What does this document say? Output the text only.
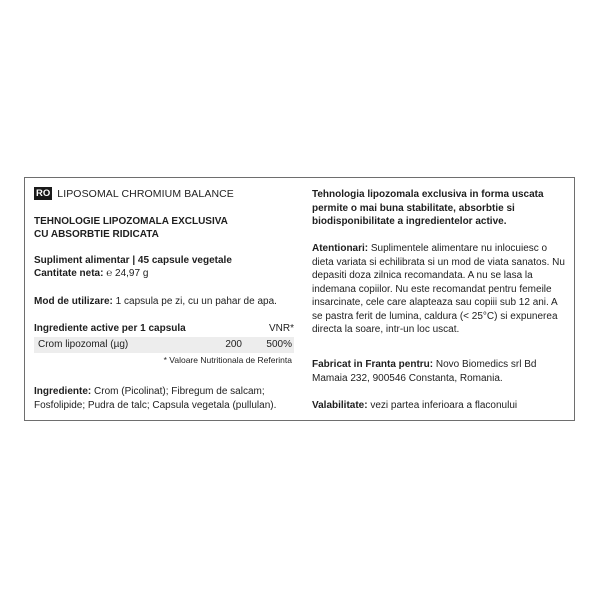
RO LIPOSOMAL CHROMIUM BALANCE
TEHNOLOGIE LIPOZOMALA EXCLUSIVA
CU ABSORBTIE RIDICATA
Supliment alimentar | 45 capsule vegetale
Cantitate neta: ℮ 24,97 g
Mod de utilizare: 1 capsula pe zi, cu un pahar de apa.
Ingrediente active per 1 capsula	VNR*
Crom lipozomal (µg)	200	500%
* Valoare Nutritionala de Referinta
Ingrediente: Crom (Picolinat); Fibregum de salcam; Fosfolipide; Pudra de talc; Capsula vegetala (pullulan).
Tehnologia lipozomala exclusiva in forma uscata permite o mai buna stabilitate, absorbtie si biodisponibilitate a ingredientelor active.
Atentionari: Suplimentele alimentare nu inlocuiesc o dieta variata si echilibrata si un mod de viata sanatos. Nu depasiti doza zilnica recomandata. A nu se lasa la indemana copiilor. Nu este recomandat pentru femeile insarcinate, cele care alapteaza sau copiii sub 12 ani. A se pastra ferit de lumina, caldura (< 25°C) si expunerea directa la soare, intr-un loc uscat.
Fabricat in Franta pentru: Novo Biomedics srl Bd Mamaia 232, 900546 Constanta, Romania.
Valabilitate: vezi partea inferioara a flaconului
